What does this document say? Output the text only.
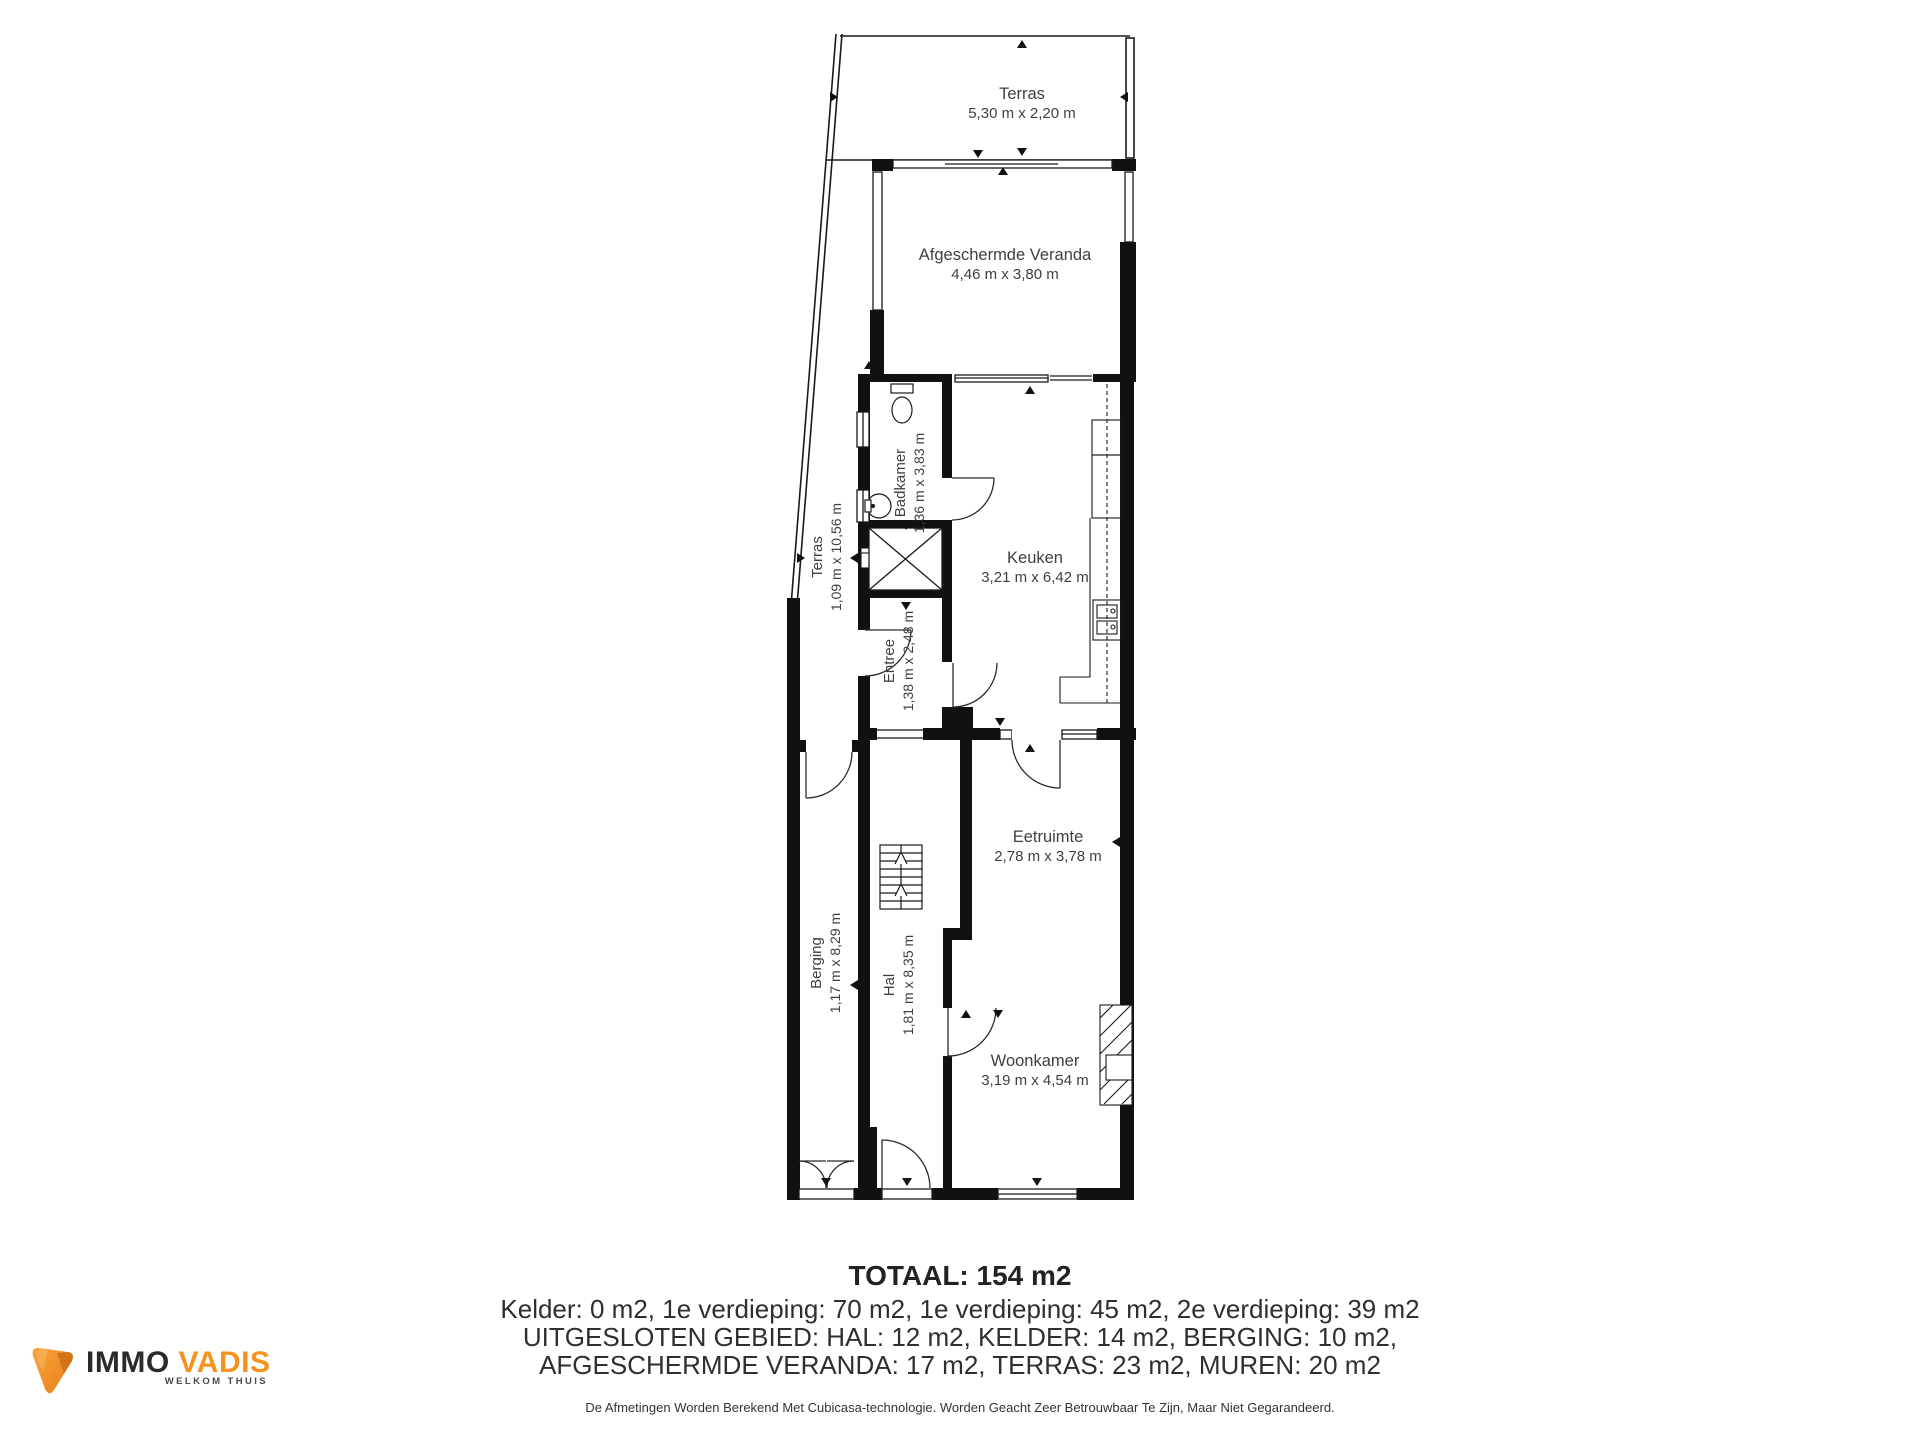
Terras
5,30 m x 2,20 m
Afgeschermde Veranda
4,46 m x 3,80 m
Terras 1,09 m x 10,56 m
Badkamer 1,36 m x 3,83 m
Keuken
3,21 m x 6,42 m
Entree 1,38 m x 2,48 m
Eetruimte
2,78 m x 3,78 m
Berging 1,17 m x 8,29 m	Hal 1,81 m x 8,35 m
Woonkamer
3,19 m x 4,54 m
TOTAAL: 154 m2
Kelder: 0 m2, 1e verdieping: 70 m2, 1e verdieping: 45 m2, 2e verdieping: 39 m2
UITGESLOTEN GEBIED: HAL: 12 m2, KELDER: 14 m2, BERGING: 10 m2,
AFGESCHERMDE VERANDA: 17 m2, TERRAS: 23 m2, MUREN: 20 m2
De Afmetingen Worden Berekend Met Cubicasa-technologie. Worden Geacht Zeer Betrouwbaar Te Zijn, Maar Niet Gegarandeerd.
IMMO VADIS
WELKOM THUIS
